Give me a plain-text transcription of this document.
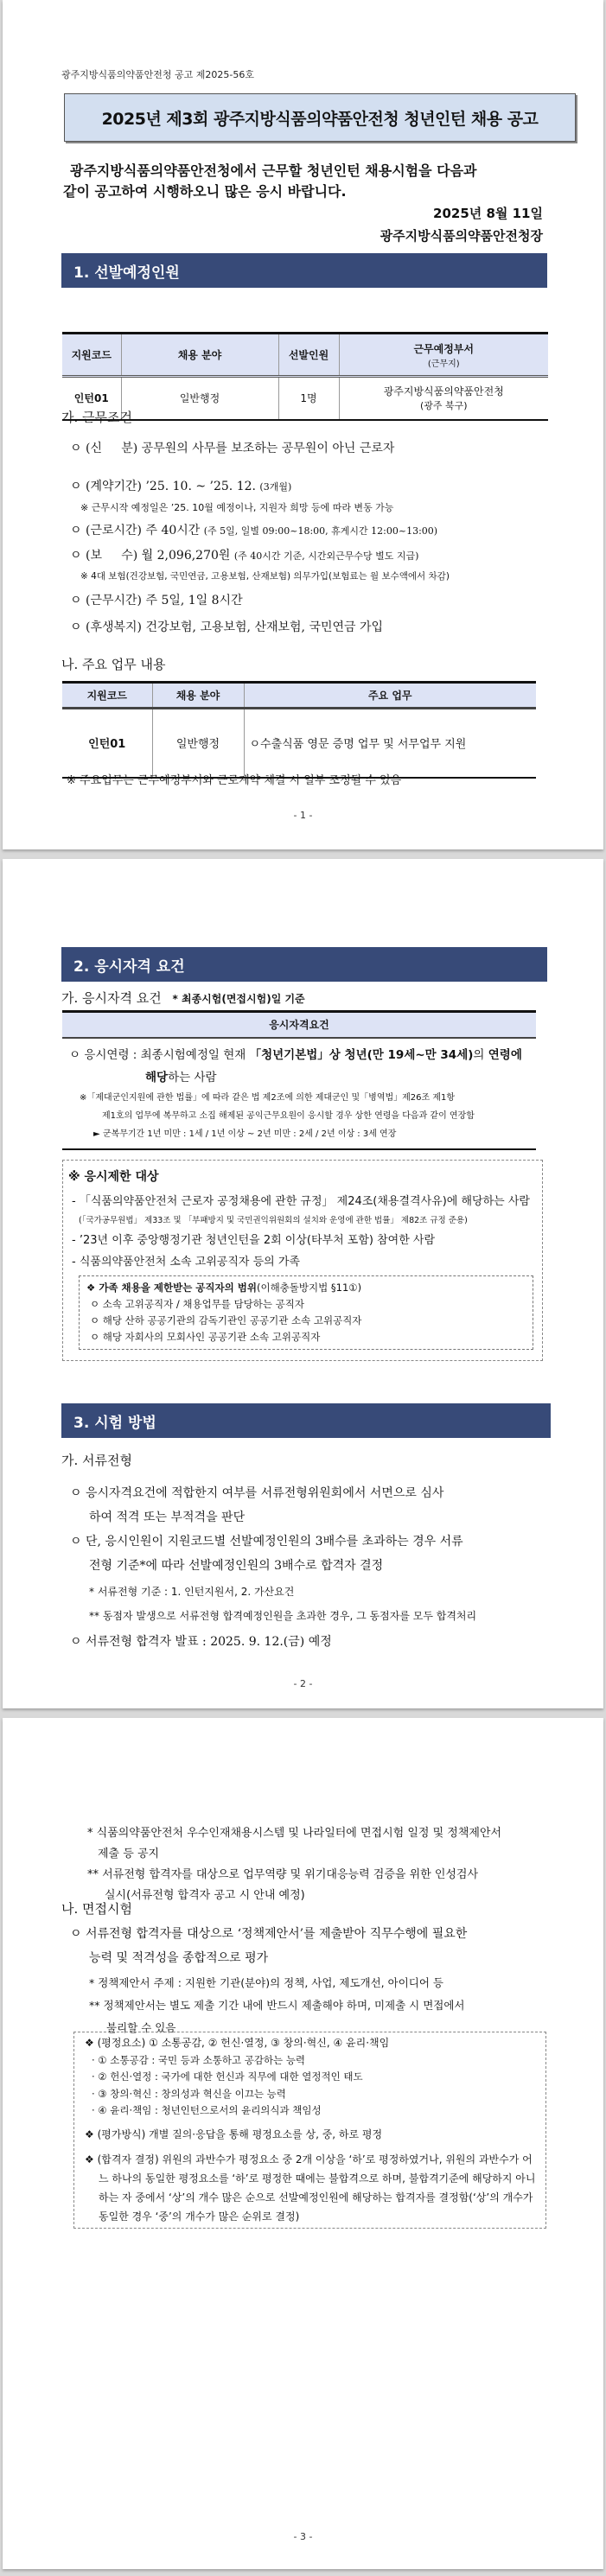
광주지방식품의약품안전청 공고 제2025-56호
2025년 제3회 광주지방식품의약품안전청 청년인턴 채용 공고
광주지방식품의약품안전청에서 근무할 청년인턴 채용시험을 다음과
같이 공고하여 시행하오니 많은 응시 바랍니다.
2025년 8월 11일
광주지방식품의약품안전청장
1. 선발예정인원
지원코드	채용 분야	선발인원	근무예정부서
(근무지)

인턴01	일반행정	1명	광주지방식품의약품안전청
(광주 북구)
가. 근무조건
ㅇ (신     분) 공무원의 사무를 보조하는 공무원이 아닌 근로자
ㅇ (계약기간) ’25. 10. ~ ’25. 12. (3개월)
※ 근무시작 예정일은 ’25. 10월 예정이나, 지원자 희망 등에 따라 변동 가능
ㅇ (근로시간) 주 40시간 (주 5일, 일별 09:00~18:00, 휴게시간 12:00~13:00)
ㅇ (보     수) 월 2,096,270원 (주 40시간 기준, 시간외근무수당 별도 지급)
※ 4대 보험(건강보험, 국민연금, 고용보험, 산재보험) 의무가입(보험료는 월 보수액에서 차감)
ㅇ (근무시간) 주 5일, 1일 8시간
ㅇ (후생복지) 건강보험, 고용보험, 산재보험, 국민연금 가입
나. 주요 업무 내용
지원코드	채용 분야	주요 업무
인턴01	일반행정	ㅇ수출식품 영문 증명 업무 및 서무업무 지원
※ 주요업무는 근무예정부서와 근로계약 체결 시 일부 조정될 수 있음
- 1 -
2. 응시자격 요건
가. 응시자격 요건 * 최종시험(면접시험)일 기준
응시자격요건

ㅇ 응시연령 : 최종시험예정일 현재 「청년기본법」상 청년(만 19세~만 34세)의 연령에
해당하는 사람
※「제대군인지원에 관한 법률」에 따라 같은 법 제2조에 의한 제대군인 및「병역법」제26조 제1항
제1호의 업무에 복무하고 소집 해제된 공익근무요원이 응시할 경우 상한 연령을 다음과 같이 연장함
► 군복무기간 1년 미만 : 1세 / 1년 이상 ~ 2년 미만 : 2세 / 2년 이상 : 3세 연장
※ 응시제한 대상
- 「식품의약품안전처 근로자 공정채용에 관한 규정」 제24조(채용결격사유)에 해당하는 사람
(「국가공무원법」 제33조 및 「부패방지 및 국민권익위원회의 설치와 운영에 관한 법률」 제82조 규정 준용)
- ’23년 이후 중앙행정기관 청년인턴을 2회 이상(타부처 포함) 참여한 사람
- 식품의약품안전처 소속 고위공직자 등의 가족
❖ 가족 채용을 제한받는 공직자의 범위(이해충돌방지법 §11①)
ㅇ 소속 고위공직자 / 채용업무를 담당하는 공직자
ㅇ 해당 산하 공공기관의 감독기관인 공공기관 소속 고위공직자
ㅇ 해당 자회사의 모회사인 공공기관 소속 고위공직자
3. 시험 방법
가. 서류전형
ㅇ 응시자격요건에 적합한지 여부를 서류전형위원회에서 서면으로 심사
하여 적격 또는 부적격을 판단
ㅇ 단, 응시인원이 지원코드별 선발예정인원의 3배수를 초과하는 경우 서류
전형 기준*에 따라 선발예정인원의 3배수로 합격자 결정
* 서류전형 기준 : 1. 인턴지원서, 2. 가산요건
** 동점자 발생으로 서류전형 합격예정인원을 초과한 경우, 그 동점자를 모두 합격처리
ㅇ 서류전형 합격자 발표 : 2025. 9. 12.(금) 예정
- 2 -
* 식품의약품안전처 우수인재채용시스템 및 나라일터에 면접시험 일정 및 정책제안서
제출 등 공지
** 서류전형 합격자를 대상으로 업무역량 및 위기대응능력 검증을 위한 인성검사
실시(서류전형 합격자 공고 시 안내 예정)
나. 면접시험
ㅇ 서류전형 합격자를 대상으로 ‘정책제안서’를 제출받아 직무수행에 필요한
능력 및 적격성을 종합적으로 평가
* 정책제안서 주제 : 지원한 기관(분야)의 정책, 사업, 제도개선, 아이디어 등
** 정책제안서는 별도 제출 기간 내에 반드시 제출해야 하며, 미제출 시 면접에서
불리할 수 있음
❖ (평정요소) ① 소통공감, ② 헌신·열정, ③ 창의·혁신, ④ 윤리·책임
· ① 소통공감 : 국민 등과 소통하고 공감하는 능력
· ② 헌신·열정 : 국가에 대한 헌신과 직무에 대한 열정적인 태도
· ③ 창의·혁신 : 창의성과 혁신을 이끄는 능력
· ④ 윤리·책임 : 청년인턴으로서의 윤리의식과 책임성
❖ (평가방식) 개별 질의·응답을 통해 평정요소를 상, 중, 하로 평정
❖ (합격자 결정) 위원의 과반수가 평정요소 중 2개 이상을 ‘하’로 평정하였거나, 위원의 과반수가 어느 하나의 동일한 평정요소를 ‘하’로 평정한 때에는 불합격으로 하며, 불합격기준에 해당하지 아니하는 자 중에서 ‘상’의 개수 많은 순으로 선발예정인원에 해당하는 합격자를 결정함(‘상’의 개수가 동일한 경우 ‘중’의 개수가 많은 순위로 결정)
- 3 -
